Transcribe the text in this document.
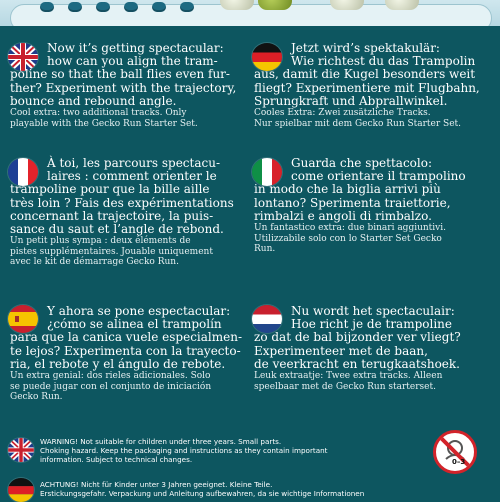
Now it’s getting spectacular:

how can you align the tram-

poline so that the ball flies even fur-

ther? Experiment with the trajectory,

bounce and rebound angle.

Cool extra: two additional tracks. Only

playable with the Gecko Run Starter Set.

Jetzt wird’s spektakulär:

Wie richtest du das Trampolin

aus, damit die Kugel besonders weit

fliegt? Experimentiere mit Flugbahn,

Sprungkraft und Abprallwinkel.

Cooles Extra: Zwei zusätzliche Tracks.

Nur spielbar mit dem Gecko Run Starter Set.

À toi, les parcours spectacu-

laires : comment orienter le

trampoline pour que la bille aille

très loin ? Fais des expérimentations

concernant la trajectoire, la puis-

sance du saut et l’angle de rebond.

Un petit plus sympa : deux éléments de

pistes supplémentaires. Jouable uniquement

avec le kit de démarrage Gecko Run.

Guarda che spettacolo:

come orientare il trampolino

in modo che la biglia arrivi più

lontano? Sperimenta traiettorie,

rimbalzi e angoli di rimbalzo.

Un fantastico extra: due binari aggiuntivi.

Utilizzabile solo con lo Starter Set Gecko

Run.

Y ahora se pone espectacular:

¿cómo se alinea el trampolín

para que la canica vuele especialmen-

te lejos? Experimenta con la trayecto-

ria, el rebote y el ángulo de rebote.

Un extra genial: dos rieles adicionales. Solo

se puede jugar con el conjunto de iniciación

Gecko Run.

Nu wordt het spectaculair:

Hoe richt je de trampoline

zo dat de bal bijzonder ver vliegt?

Experimenteer met de baan,

de veerkracht en terugkaatshoek.

Leuk extraatje: Twee extra tracks. Alleen

speelbaar met de Gecko Run starterset.

WARNING! Not suitable for children under three years. Small parts.
Choking hazard. Keep the packaging and instructions as they contain important
information. Subject to technical changes.
ACHTUNG! Nicht für Kinder unter 3 Jahren geeignet. Kleine Teile.
Erstickungsgefahr. Verpackung und Anleitung aufbewahren, da sie wichtige Informationen
0–3
